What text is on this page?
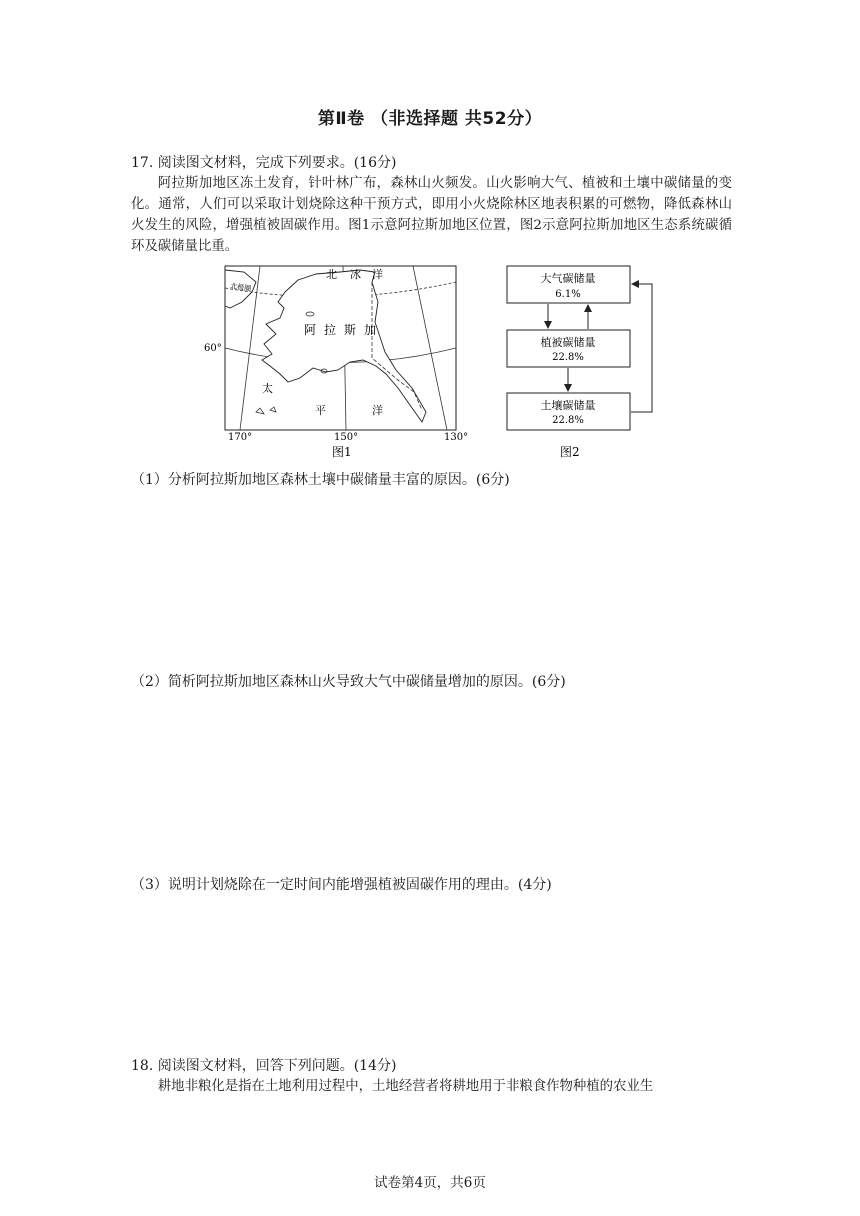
第Ⅱ卷 （非选择题 共52分）
17. 阅读图文材料，完成下列要求。(16分)
阿拉斯加地区冻土发育，针叶林广布，森林山火频发。山火影响大气、植被和土壤中碳储量的变化。通常，人们可以采取计划烧除这种干预方式，即用小火烧除林区地表积累的可燃物，降低森林山火发生的风险，增强植被固碳作用。图1示意阿拉斯加地区位置，图2示意阿拉斯加地区生态系统碳循环及碳储量比重。
北 冰 洋
北极圈
阿 拉 斯 加
太
平	洋
60°
170°	150°	130°
图1
大气碳储量
6.1%
植被碳储量
22.8%
土壤碳储量
22.8%
图2
（1）分析阿拉斯加地区森林土壤中碳储量丰富的原因。(6分)
（2）简析阿拉斯加地区森林山火导致大气中碳储量增加的原因。(6分)
（3）说明计划烧除在一定时间内能增强植被固碳作用的理由。(4分)
18. 阅读图文材料，回答下列问题。(14分)
耕地非粮化是指在土地利用过程中，土地经营者将耕地用于非粮食作物种植的农业生
试卷第4页，共6页
